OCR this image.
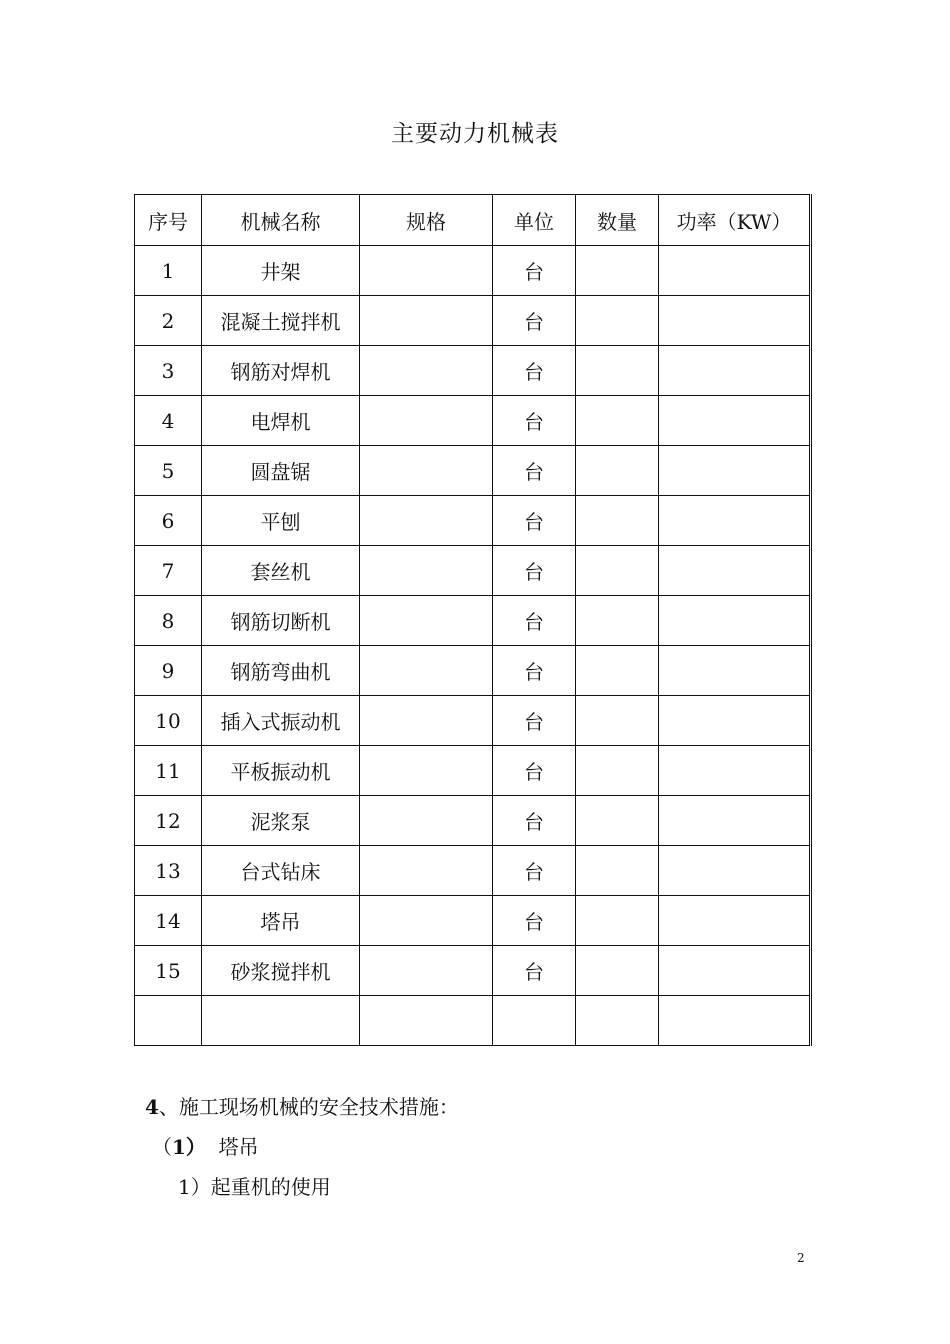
主要动力机械表
序号	机械名称	规格	单位	数量	功率（KW）
1	井架		台		
2	混凝土搅拌机		台		
3	钢筋对焊机		台		
4	电焊机		台		
5	圆盘锯		台		
6	平刨		台		
7	套丝机		台		
8	钢筋切断机		台		
9	钢筋弯曲机		台		
10	插入式振动机		台		
11	平板振动机		台		
12	泥浆泵		台		
13	台式钻床		台		
14	塔吊		台		
15	砂浆搅拌机		台		

4、施工现场机械的安全技术措施：
（1）  塔吊
1）起重机的使用
2
